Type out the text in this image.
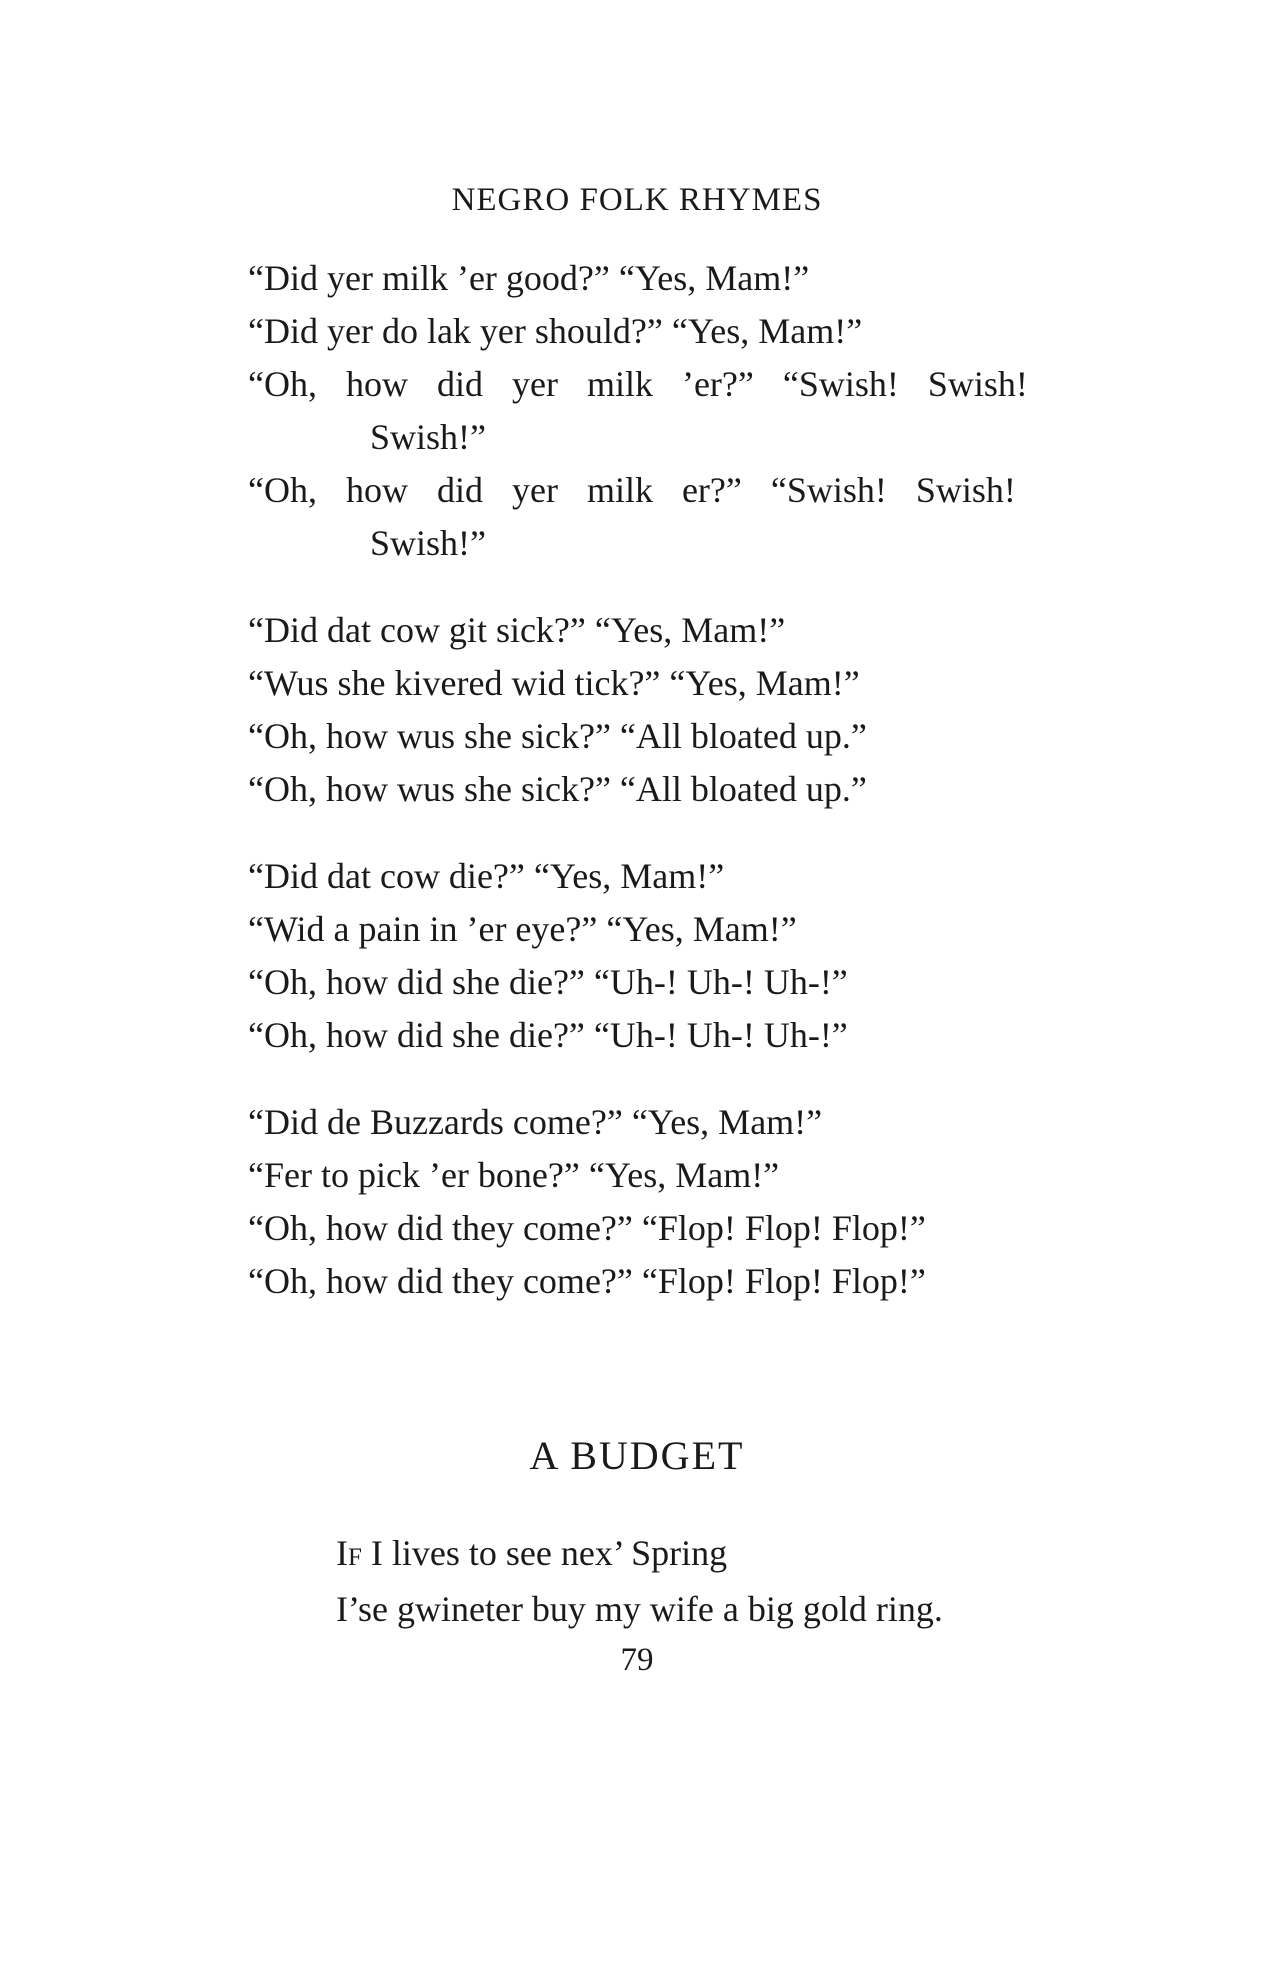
NEGRO FOLK RHYMES
“Did yer milk ’er good?” “Yes, Mam!”
“Did yer do lak yer should?” “Yes, Mam!”
“Oh, how did yer milk ’er?” “Swish! Swish!
Swish!”
“Oh, how did yer milk er?” “Swish! Swish!
Swish!”
“Did dat cow git sick?” “Yes, Mam!”
“Wus she kivered wid tick?” “Yes, Mam!”
“Oh, how wus she sick?” “All bloated up.”
“Oh, how wus she sick?” “All bloated up.”
“Did dat cow die?” “Yes, Mam!”
“Wid a pain in ’er eye?” “Yes, Mam!”
“Oh, how did she die?” “Uh-! Uh-! Uh-!”
“Oh, how did she die?” “Uh-! Uh-! Uh-!”
“Did de Buzzards come?” “Yes, Mam!”
“Fer to pick ’er bone?” “Yes, Mam!”
“Oh, how did they come?” “Flop! Flop! Flop!”
“Oh, how did they come?” “Flop! Flop! Flop!”
A BUDGET
If I lives to see nex’ Spring
I’se gwineter buy my wife a big gold ring.
79
